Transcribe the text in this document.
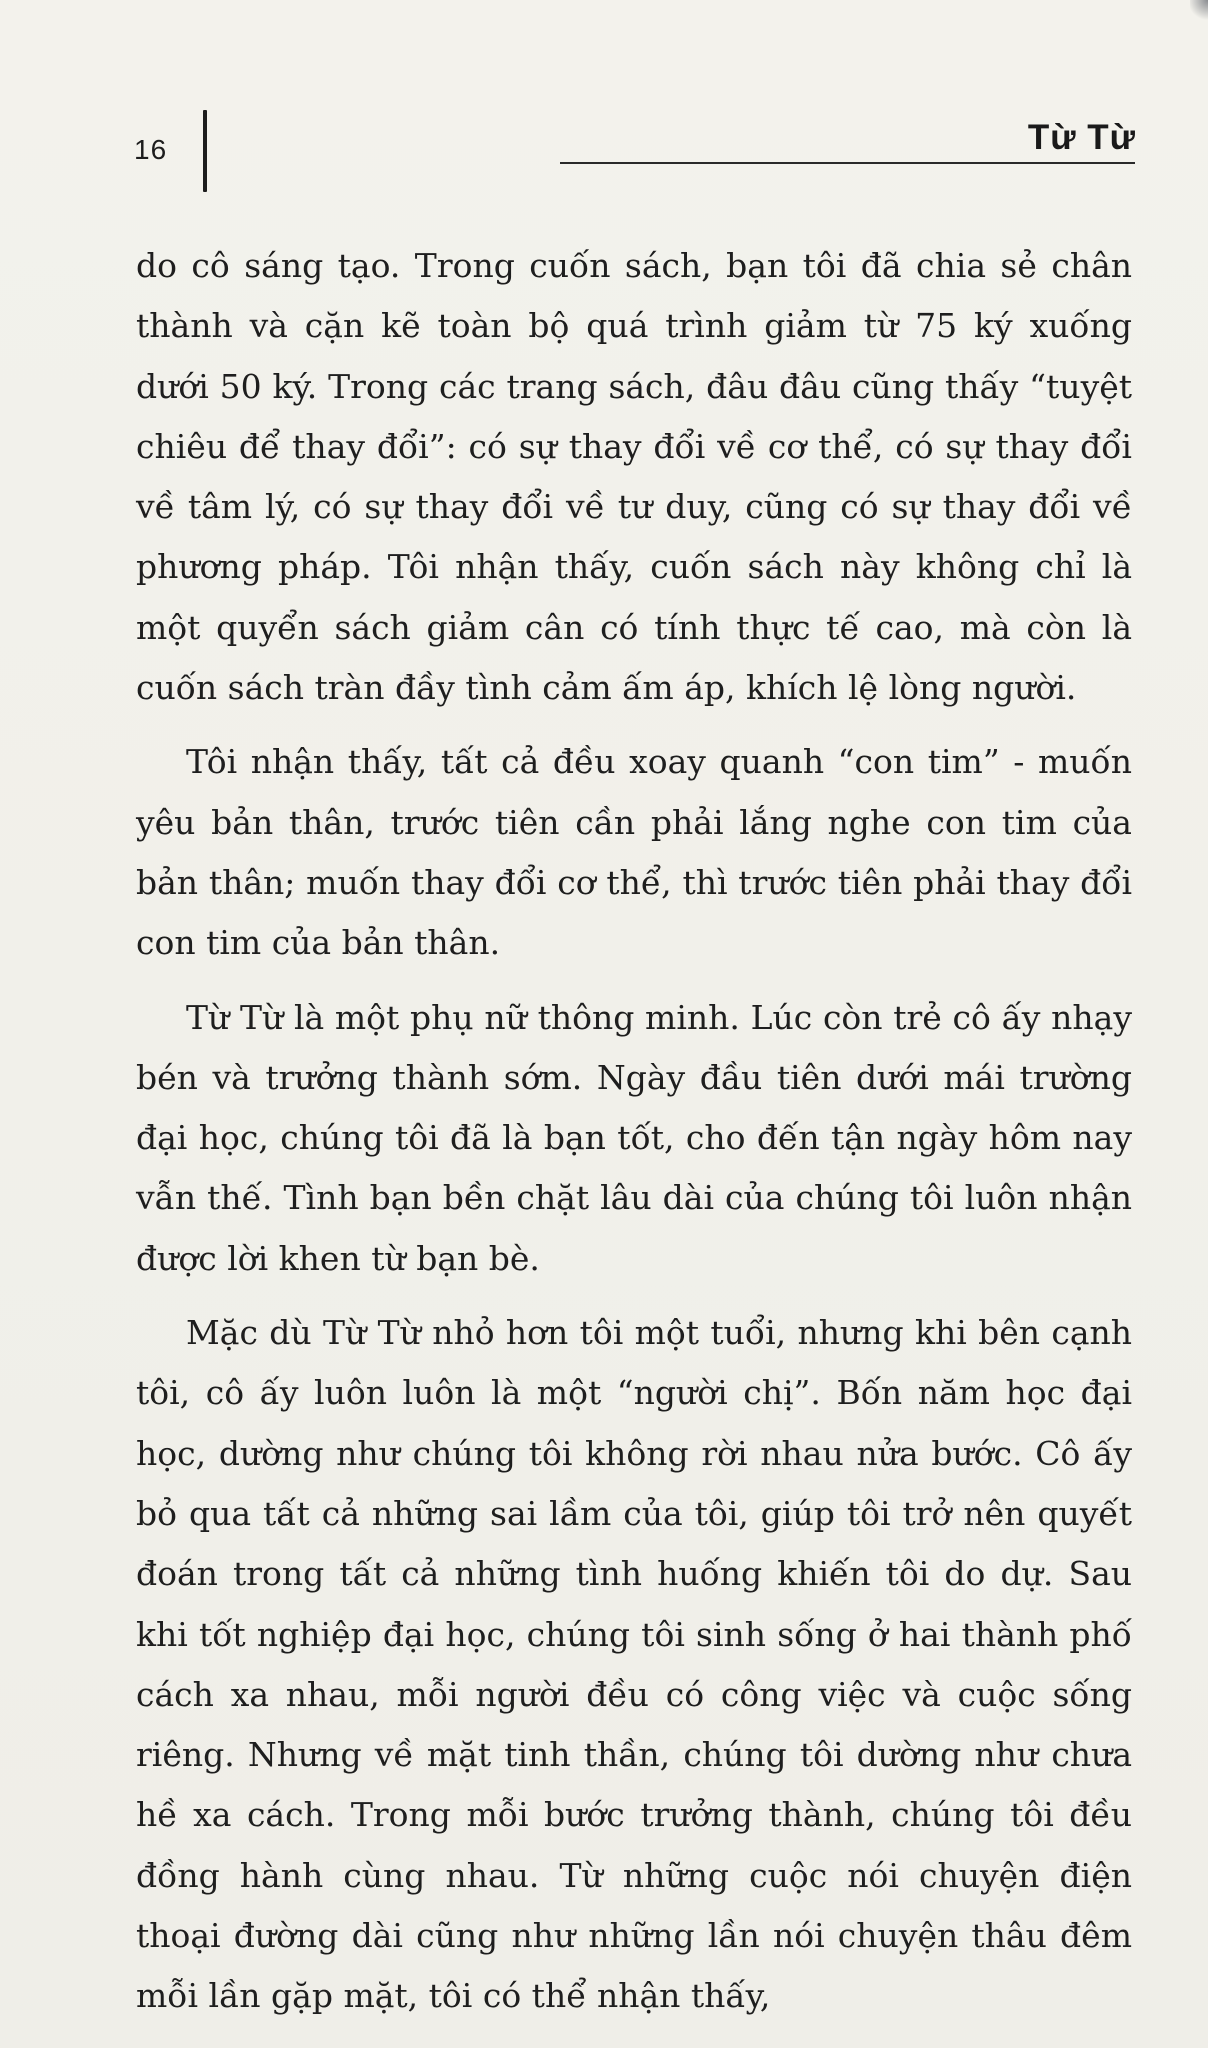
16	Từ Từ

do cô sáng tạo. Trong cuốn sách, bạn tôi đã chia sẻ chân thành và cặn kẽ toàn bộ quá trình giảm từ 75 ký xuống dưới 50 ký. Trong các trang sách, đâu đâu cũng thấy “tuyệt chiêu để thay đổi”: có sự thay đổi về cơ thể, có sự thay đổi về tâm lý, có sự thay đổi về tư duy, cũng có sự thay đổi về phương pháp. Tôi nhận thấy, cuốn sách này không chỉ là một quyển sách giảm cân có tính thực tế cao, mà còn là cuốn sách tràn đầy tình cảm ấm áp, khích lệ lòng người.

Tôi nhận thấy, tất cả đều xoay quanh “con tim” - muốn yêu bản thân, trước tiên cần phải lắng nghe con tim của bản thân; muốn thay đổi cơ thể, thì trước tiên phải thay đổi con tim của bản thân.

Từ Từ là một phụ nữ thông minh. Lúc còn trẻ cô ấy nhạy bén và trưởng thành sớm. Ngày đầu tiên dưới mái trường đại học, chúng tôi đã là bạn tốt, cho đến tận ngày hôm nay vẫn thế. Tình bạn bền chặt lâu dài của chúng tôi luôn nhận được lời khen từ bạn bè.

Mặc dù Từ Từ nhỏ hơn tôi một tuổi, nhưng khi bên cạnh tôi, cô ấy luôn luôn là một “người chị”. Bốn năm học đại học, dường như chúng tôi không rời nhau nửa bước. Cô ấy bỏ qua tất cả những sai lầm của tôi, giúp tôi trở nên quyết đoán trong tất cả những tình huống khiến tôi do dự. Sau khi tốt nghiệp đại học, chúng tôi sinh sống ở hai thành phố cách xa nhau, mỗi người đều có công việc và cuộc sống riêng. Nhưng về mặt tinh thần, chúng tôi dường như chưa hề xa cách. Trong mỗi bước trưởng thành, chúng tôi đều đồng hành cùng nhau. Từ những cuộc nói chuyện điện thoại đường dài cũng như những lần nói chuyện thâu đêm mỗi lần gặp mặt, tôi có thể nhận thấy,
